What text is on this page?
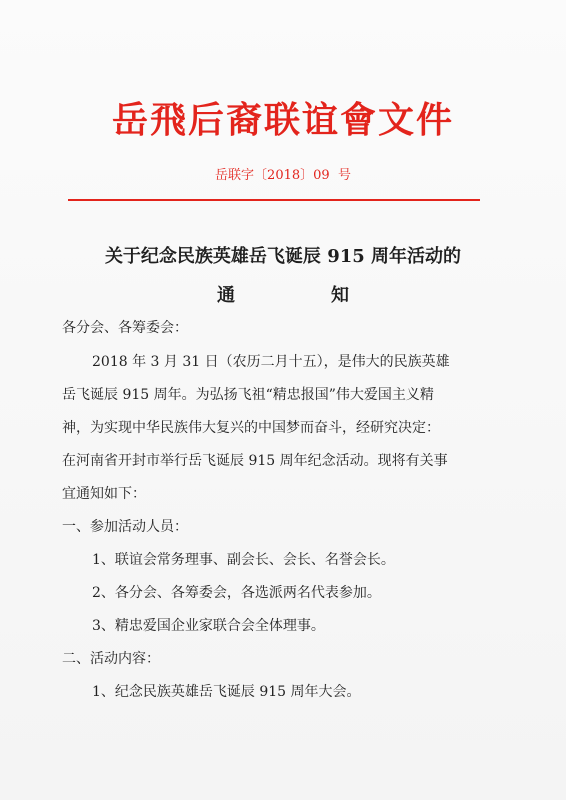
岳飛后裔联谊會文件
岳联字〔2018〕09  号
关于纪念民族英雄岳飞诞辰 915 周年活动的
通知
各分会、各筹委会：
2018 年 3 月 31 日（农历二月十五），是伟大的民族英雄
岳飞诞辰 915 周年。为弘扬飞祖“精忠报国”伟大爱国主义精
神，为实现中华民族伟大复兴的中国梦而奋斗，经研究决定：
在河南省开封市举行岳飞诞辰 915 周年纪念活动。现将有关事
宜通知如下：
一、参加活动人员：
1、联谊会常务理事、副会长、会长、名誉会长。
2、各分会、各筹委会，各选派两名代表参加。
3、精忠爱国企业家联合会全体理事。
二、活动内容：
1、纪念民族英雄岳飞诞辰 915 周年大会。
